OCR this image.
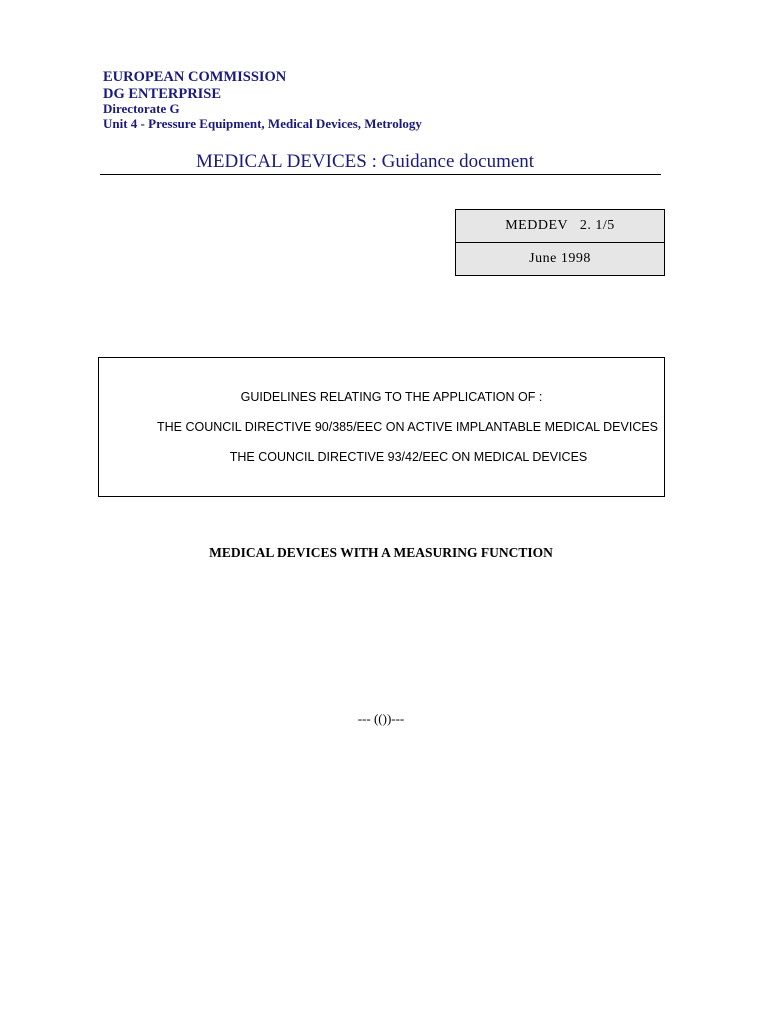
EUROPEAN COMMISSION
DG ENTERPRISE
Directorate G
Unit 4 - Pressure Equipment, Medical Devices, Metrology
MEDICAL DEVICES : Guidance document
MEDDEV   2. 1/5
June 1998
GUIDELINES RELATING TO THE APPLICATION OF :
THE COUNCIL DIRECTIVE 90/385/EEC ON ACTIVE IMPLANTABLE MEDICAL DEVICES
THE COUNCIL DIRECTIVE 93/42/EEC ON MEDICAL DEVICES
MEDICAL DEVICES WITH A MEASURING FUNCTION
--- (())---
